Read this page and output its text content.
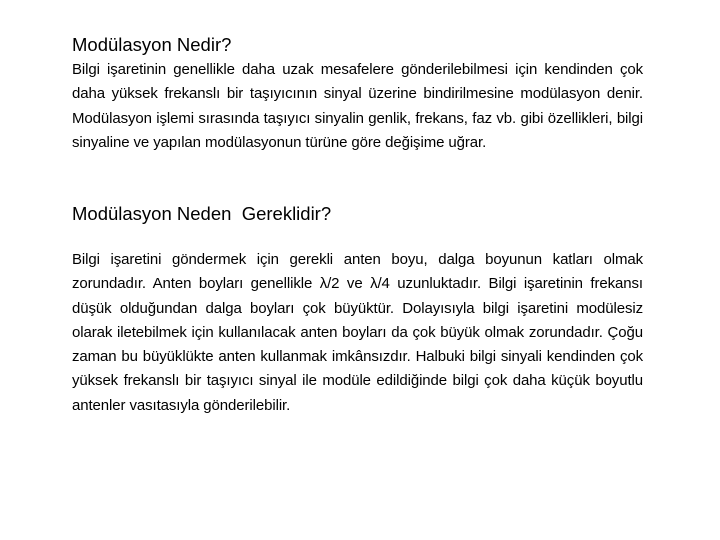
Modülasyon Nedir?

Bilgi işaretinin genellikle daha uzak mesafelere gönderilebilmesi için kendinden çok daha yüksek frekanslı bir taşıyıcının sinyal üzerine bindirilmesine modülasyon denir. Modülasyon işlemi sırasında taşıyıcı sinyalin genlik, frekans, faz vb. gibi özellikleri, bilgi sinyaline ve yapılan modülasyonun türüne göre değişime uğrar.

Modülasyon Neden  Gereklidir?

Bilgi işaretini göndermek için gerekli anten boyu, dalga boyunun katları olmak zorundadır. Anten boyları genellikle λ/2 ve λ/4 uzunluktadır. Bilgi işaretinin frekansı düşük olduğundan dalga boyları çok büyüktür. Dolayısıyla bilgi işaretini modülesiz olarak iletebilmek için kullanılacak anten boyları da çok büyük olmak zorundadır. Çoğu zaman bu büyüklükte anten kullanmak imkânsızdır. Halbuki bilgi sinyali kendinden çok yüksek frekanslı bir taşıyıcı sinyal ile modüle edildiğinde bilgi çok daha küçük boyutlu antenler vasıtasıyla gönderilebilir.
